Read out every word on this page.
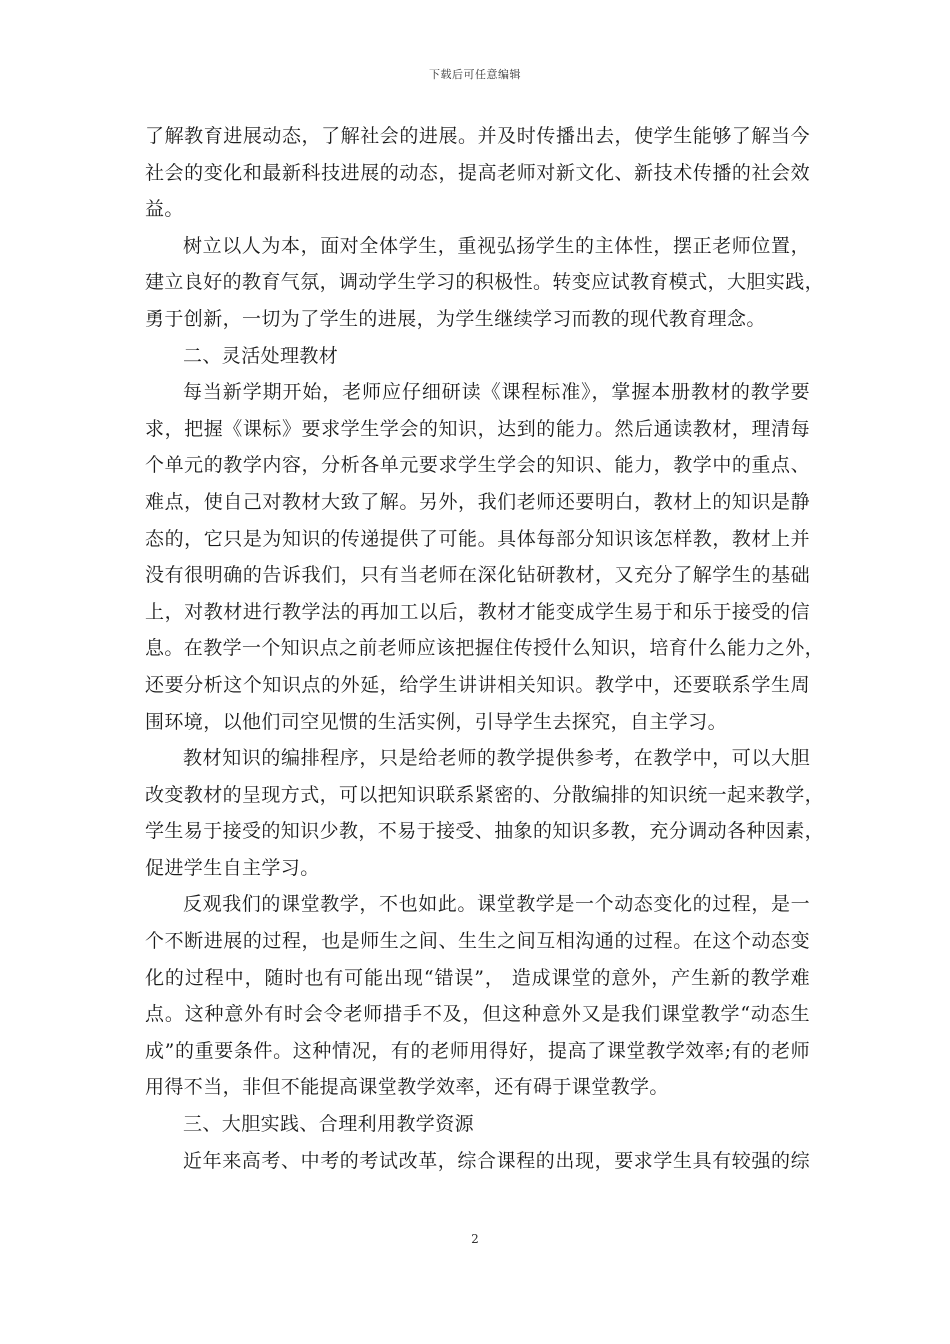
下载后可任意编辑
了解教育进展动态，了解社会的进展。并及时传播出去，使学生能够了解当今
社会的变化和最新科技进展的动态，提高老师对新文化、新技术传播的社会效
益。
树立以人为本，面对全体学生，重视弘扬学生的主体性，摆正老师位置，
建立良好的教育气氛，调动学生学习的积极性。转变应试教育模式，大胆实践，
勇于创新，一切为了学生的进展，为学生继续学习而教的现代教育理念。
二、灵活处理教材
每当新学期开始，老师应仔细研读《课程标准》，掌握本册教材的教学要
求，把握《课标》要求学生学会的知识，达到的能力。然后通读教材，理清每
个单元的教学内容，分析各单元要求学生学会的知识、能力，教学中的重点、
难点，使自己对教材大致了解。另外，我们老师还要明白，教材上的知识是静
态的，它只是为知识的传递提供了可能。具体每部分知识该怎样教，教材上并
没有很明确的告诉我们，只有当老师在深化钻研教材，又充分了解学生的基础
上，对教材进行教学法的再加工以后，教材才能变成学生易于和乐于接受的信
息。在教学一个知识点之前老师应该把握住传授什么知识，培育什么能力之外，
还要分析这个知识点的外延，给学生讲讲相关知识。教学中，还要联系学生周
围环境，以他们司空见惯的生活实例，引导学生去探究，自主学习。
教材知识的编排程序，只是给老师的教学提供参考，在教学中，可以大胆
改变教材的呈现方式，可以把知识联系紧密的、分散编排的知识统一起来教学，
学生易于接受的知识少教，不易于接受、抽象的知识多教，充分调动各种因素，
促进学生自主学习。
反观我们的课堂教学，不也如此。课堂教学是一个动态变化的过程，是一
个不断进展的过程，也是师生之间、生生之间互相沟通的过程。在这个动态变
化的过程中，随时也有可能出现“错误”， 造成课堂的意外，产生新的教学难
点。这种意外有时会令老师措手不及，但这种意外又是我们课堂教学“动态生
成”的重要条件。这种情况，有的老师用得好，提高了课堂教学效率;有的老师
用得不当，非但不能提高课堂教学效率，还有碍于课堂教学。
三、大胆实践、合理利用教学资源
近年来高考、中考的考试改革，综合课程的出现，要求学生具有较强的综
2
